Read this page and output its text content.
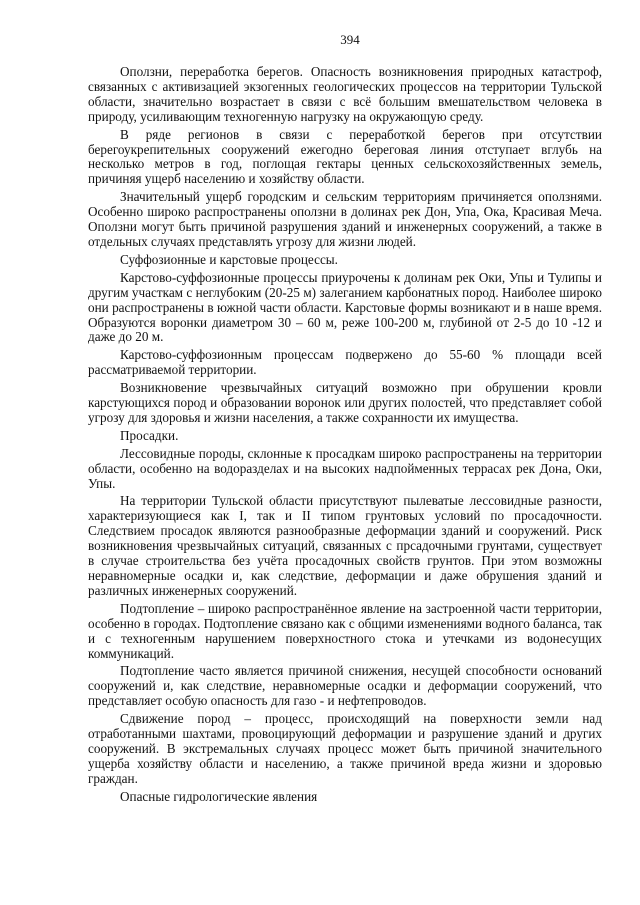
394

Оползни, переработка берегов. Опасность возникновения природных катастроф, связанных с активизацией экзогенных геологических процессов на территории Тульской области, значительно возрастает в связи с всё большим вмешательством человека в природу, усиливающим техногенную нагрузку на окружающую среду.

В ряде регионов в связи с переработкой берегов при отсутствии берегоукрепительных сооружений ежегодно береговая линия отступает вглубь на несколько метров в год, поглощая гектары ценных сельскохозяйственных земель, причиняя ущерб населению и хозяйству области.

Значительный ущерб городским и сельским территориям причиняется оползнями. Особенно широко распространены оползни в долинах рек Дон, Упа, Ока, Красивая Меча. Оползни могут быть причиной разрушения зданий и инженерных сооружений, а также в отдельных случаях представлять угрозу для жизни людей.

Суффозионные и карстовые процессы.

Карстово-суффозионные процессы приурочены к долинам рек Оки, Упы и Тулипы и другим участкам с неглубоким (20-25 м) залеганием карбонатных пород. Наиболее широко они распространены в южной части области. Карстовые формы возникают и в наше время. Образуются воронки диаметром 30 – 60 м, реже 100-200 м, глубиной от 2-5 до 10 -12 и даже до 20 м.

Карстово-суффозионным процессам подвержено до 55-60 % площади всей рассматриваемой территории.

Возникновение чрезвычайных ситуаций возможно при обрушении кровли карстующихся пород и образовании воронок или других полостей, что представляет собой угрозу для здоровья и жизни населения, а также сохранности их имущества.

Просадки.

Лессовидные породы, склонные к просадкам широко распространены на территории области, особенно на водоразделах и на высоких надпойменных террасах рек Дона, Оки, Упы.

На территории Тульской области присутствуют пылеватые лессовидные разности, характеризующиеся как I, так и II типом грунтовых условий по просадочности. Следствием просадок являются разнообразные деформации зданий и сооружений. Риск возникновения чрезвычайных ситуаций, связанных с прсадочными грунтами, существует в случае строительства без учёта просадочных свойств грунтов. При этом возможны неравномерные осадки и, как следствие, деформации и даже обрушения зданий и различных инженерных сооружений.

Подтопление – широко распространённое явление на застроенной части территории, особенно в городах. Подтопление связано как с общими изменениями водного баланса, так и с техногенным нарушением поверхностного стока и утечками из водонесущих коммуникаций.

Подтопление часто является причиной снижения, несущей способности оснований сооружений и, как следствие, неравномерные осадки и деформации сооружений, что представляет особую опасность для газо - и нефтепроводов.

Сдвижение пород – процесс, происходящий на поверхности земли над отработанными шахтами, провоцирующий деформации и разрушение зданий и других сооружений. В экстремальных случаях процесс может быть причиной значительного ущерба хозяйству области и населению, а также причиной вреда жизни и здоровью граждан.

Опасные гидрологические явления
